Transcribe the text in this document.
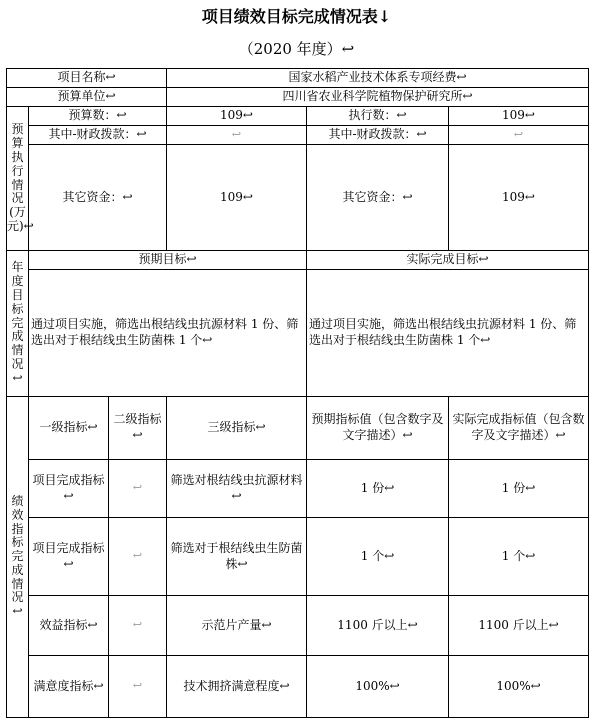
项目绩效目标完成情况表↓
（2020 年度）↩
项目名称↩			国家水稻产业技术体系专项经费↩		
预算单位↩			四川省农业科学院植物保护研究所↩		
预算执行情况(万元)↩	预算数：↩		109↩	执行数：↩	109↩
	其中-财政拨款：↩		↩	其中-财政拨款：↩	↩
	其它资金：↩		109↩	其它资金：↩	109↩
年度目标完成情况↩	预期目标↩			实际完成目标↩	
	通过项目实施，筛选出根结线虫抗源材料 1 份、筛选出对于根结线虫生防菌株 1 个↩			通过项目实施，筛选出根结线虫抗源材料 1 份、筛选出对于根结线虫生防菌株 1 个↩	
绩效指标完成情况↩	一级指标↩	二级指标↩	三级指标↩	预期指标值（包含数字及文字描述）↩	实际完成指标值（包含数字及文字描述）↩
	项目完成指标↩	↩	筛选对根结线虫抗源材料↩	1 份↩	1 份↩
	项目完成指标↩	↩	筛选对于根结线虫生防菌株↩	1 个↩	1 个↩
	效益指标↩	↩	示范片产量↩	1100 斤以上↩	1100 斤以上↩
	满意度指标↩	↩	技术拥挤满意程度↩	100%↩	100%↩
